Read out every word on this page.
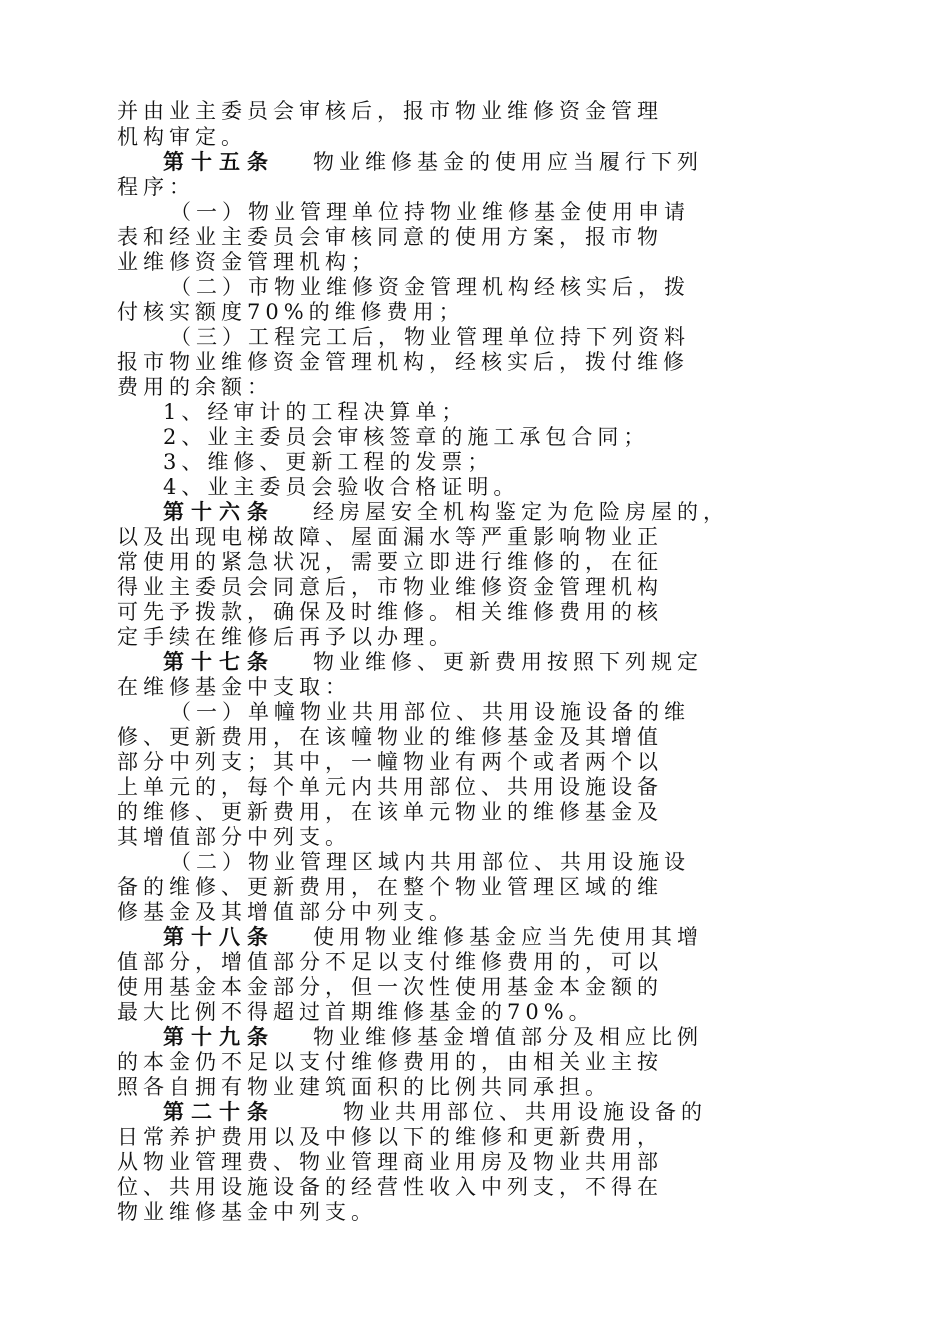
并由业主委员会审核后，报市物业维修资金管理

机构审定。

第十五条 物业维修基金的使用应当履行下列

程序：

（一）物业管理单位持物业维修基金使用申请

表和经业主委员会审核同意的使用方案，报市物

业维修资金管理机构；

（二）市物业维修资金管理机构经核实后，拨

付核实额度70%的维修费用；

（三）工程完工后，物业管理单位持下列资料

报市物业维修资金管理机构，经核实后，拨付维修

费用的余额：

1、经审计的工程决算单；

2、业主委员会审核签章的施工承包合同；

3、维修、更新工程的发票；

4、业主委员会验收合格证明。

第十六条 经房屋安全机构鉴定为危险房屋的，

以及出现电梯故障、屋面漏水等严重影响物业正

常使用的紧急状况，需要立即进行维修的，在征

得业主委员会同意后，市物业维修资金管理机构

可先予拨款，确保及时维修。相关维修费用的核

定手续在维修后再予以办理。

第十七条 物业维修、更新费用按照下列规定

在维修基金中支取：

（一）单幢物业共用部位、共用设施设备的维

修、更新费用，在该幢物业的维修基金及其增值

部分中列支；其中，一幢物业有两个或者两个以

上单元的，每个单元内共用部位、共用设施设备

的维修、更新费用，在该单元物业的维修基金及

其增值部分中列支。

（二）物业管理区域内共用部位、共用设施设

备的维修、更新费用，在整个物业管理区域的维

修基金及其增值部分中列支。

第十八条 使用物业维修基金应当先使用其增

值部分，增值部分不足以支付维修费用的，可以

使用基金本金部分，但一次性使用基金本金额的

最大比例不得超过首期维修基金的70%。

第十九条 物业维修基金增值部分及相应比例

的本金仍不足以支付维修费用的，由相关业主按

照各自拥有物业建筑面积的比例共同承担。

第二十条	物业共用部位、共用设施设备的

日常养护费用以及中修以下的维修和更新费用，

从物业管理费、物业管理商业用房及物业共用部

位、共用设施设备的经营性收入中列支，不得在

物业维修基金中列支。
